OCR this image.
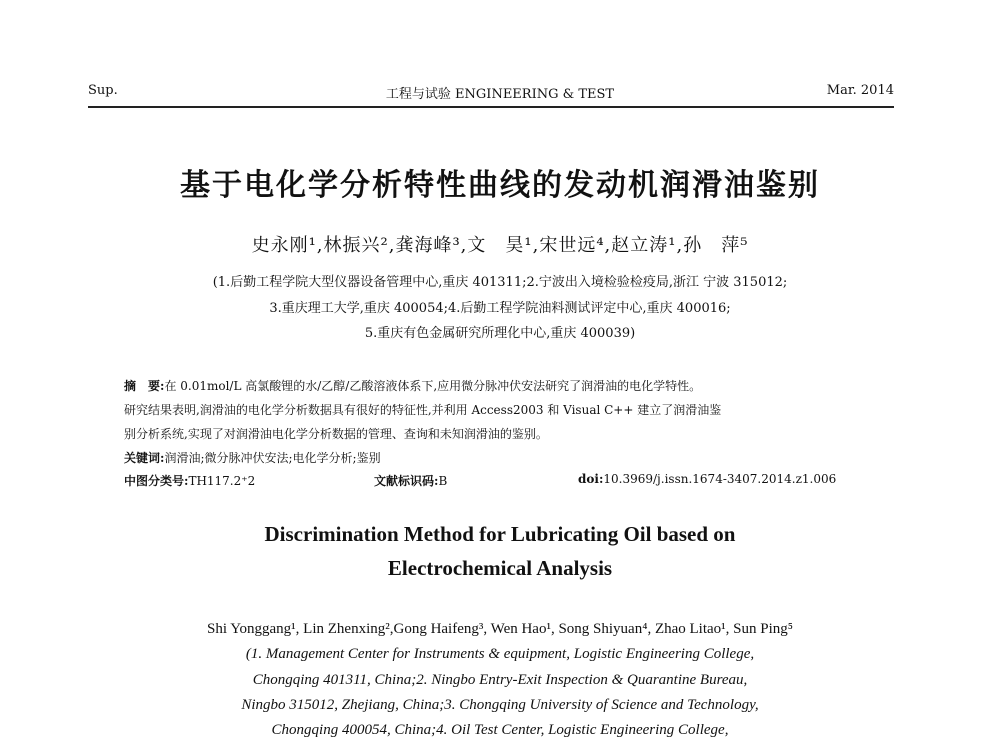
Sup.	工程与试验 ENGINEERING & TEST	Mar. 2014
基于电化学分析特性曲线的发动机润滑油鉴别
史永刚¹,林振兴²,龚海峰³,文　昊¹,宋世远⁴,赵立涛¹,孙　萍⁵
(1.后勤工程学院大型仪器设备管理中心,重庆 401311;2.宁波出入境检验检疫局,浙江 宁波 315012;
3.重庆理工大学,重庆 400054;4.后勤工程学院油料测试评定中心,重庆 400016;
5.重庆有色金属研究所理化中心,重庆 400039)
摘　要:在 0.01mol/L 高氯酸锂的水/乙醇/乙酸溶液体系下,应用微分脉冲伏安法研究了润滑油的电化学特性。
研究结果表明,润滑油的电化学分析数据具有很好的特征性,并利用 Access2003 和 Visual C++ 建立了润滑油鉴
别分析系统,实现了对润滑油电化学分析数据的管理、查询和未知润滑油的鉴别。
关键词:润滑油;微分脉冲伏安法;电化学分析;鉴别
中图分类号:TH117.2⁺2	文献标识码:B	doi:10.3969/j.issn.1674-3407.2014.z1.006
Discrimination Method for Lubricating Oil based on
Electrochemical Analysis
Shi Yonggang¹, Lin Zhenxing²,Gong Haifeng³, Wen Hao¹, Song Shiyuan⁴, Zhao Litao¹, Sun Ping⁵
(1. Management Center for Instruments & equipment, Logistic Engineering College,
Chongqing 401311, China;2. Ningbo Entry-Exit Inspection & Quarantine Bureau,
Ningbo 315012, Zhejiang, China;3. Chongqing University of Science and Technology,
Chongqing 400054, China;4. Oil Test Center, Logistic Engineering College,
